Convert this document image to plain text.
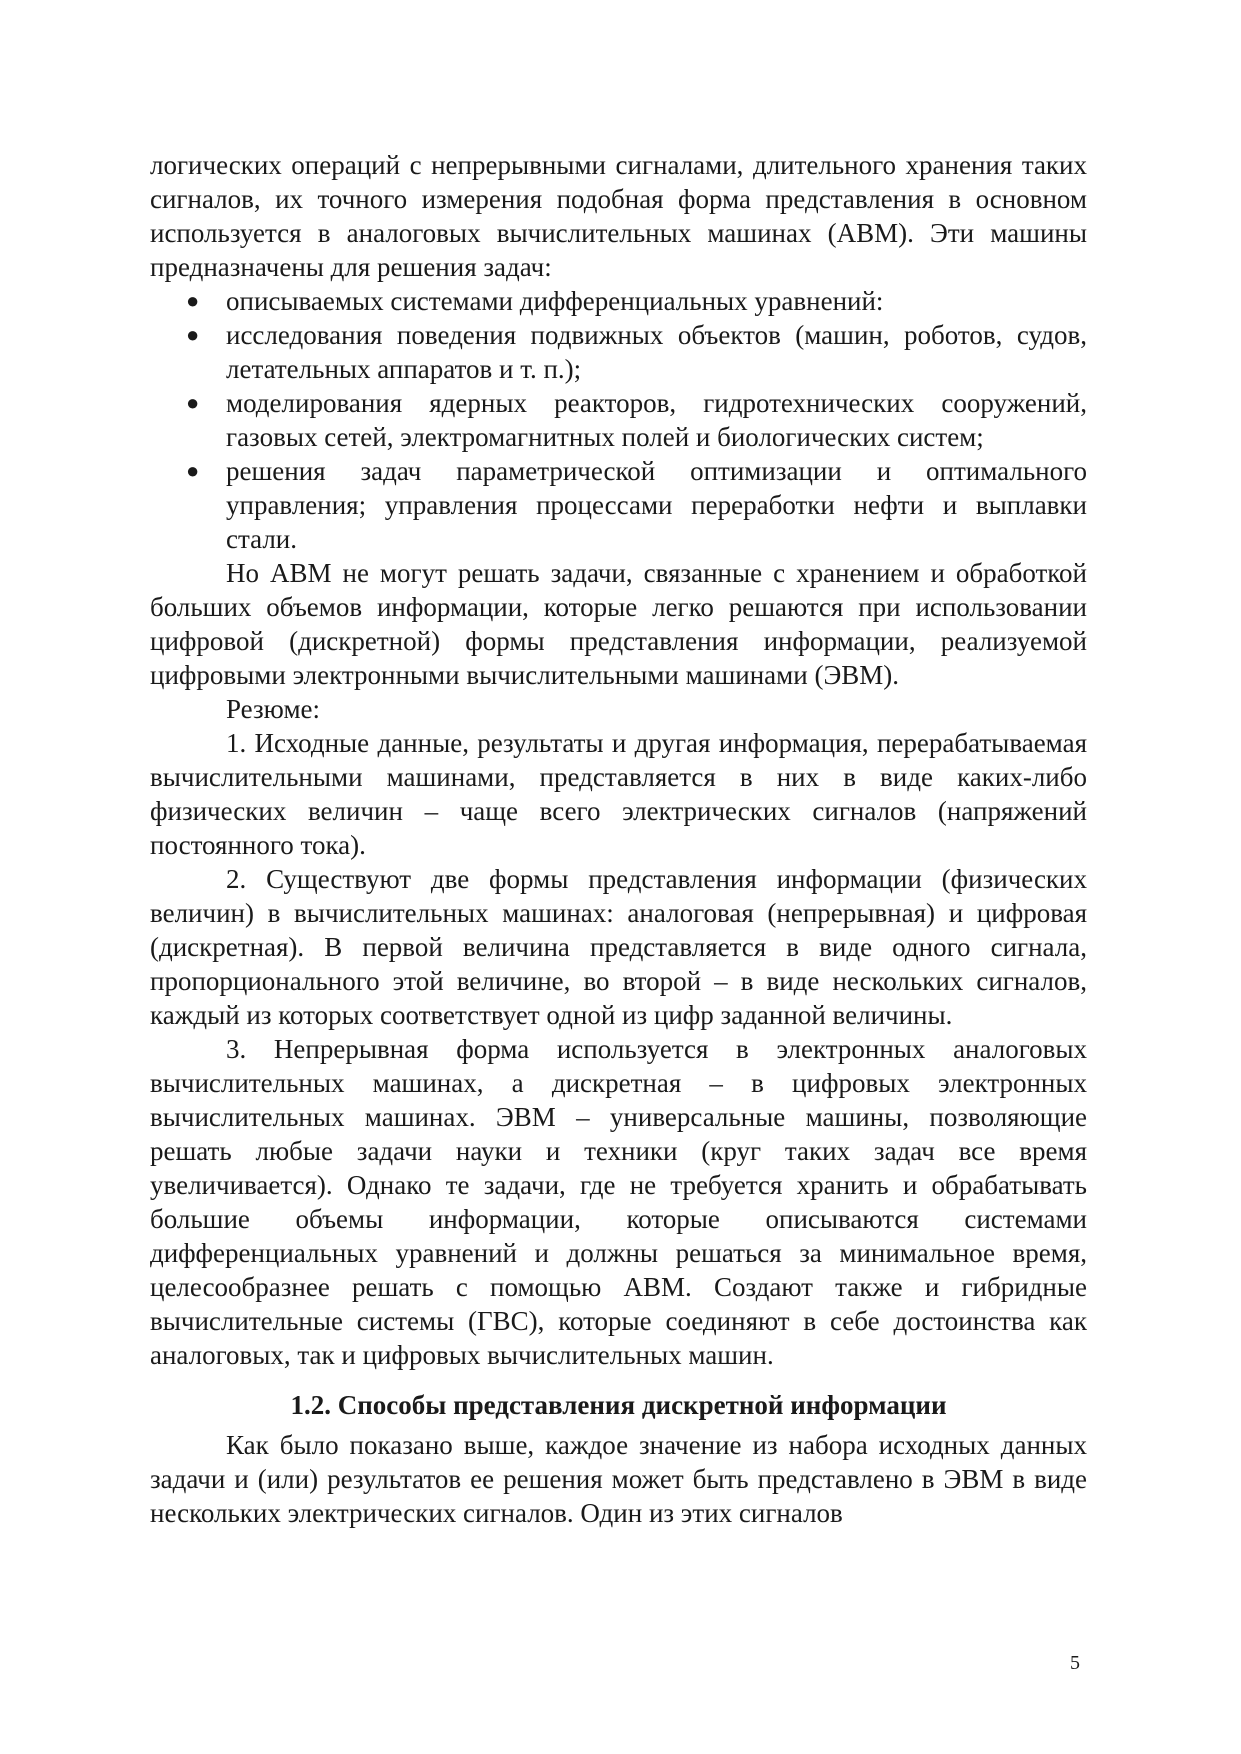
логических операций с непрерывными сигналами, длительного хранения таких сигналов, их точного измерения подобная форма представления в основном используется в аналоговых вычислительных машинах (АВМ). Эти машины предназначены для решения задач:

● описываемых системами дифференциальных уравнений:
● исследования поведения подвижных объектов (машин, роботов, судов, летательных аппаратов и т. п.);
● моделирования ядерных реакторов, гидротехнических сооружений, газовых сетей, электромагнитных полей и биологических систем;
● решения задач параметрической оптимизации и оптимального управления; управления процессами переработки нефти и выплавки стали.

Но АВМ не могут решать задачи, связанные с хранением и обработкой больших объемов информации, которые легко решаются при использовании цифровой (дискретной) формы представления информации, реализуемой цифровыми электронными вычислительными машинами (ЭВМ).

Резюме:

1. Исходные данные, результаты и другая информация, перерабатываемая вычислительными машинами, представляется в них в виде каких-либо физических величин – чаще всего электрических сигналов (напряжений постоянного тока).

2. Существуют две формы представления информации (физических величин) в вычислительных машинах: аналоговая (непрерывная) и цифровая (дискретная). В первой величина представляется в виде одного сигнала, пропорционального этой величине, во второй – в виде нескольких сигналов, каждый из которых соответствует одной из цифр заданной величины.

3. Непрерывная форма используется в электронных аналоговых вычислительных машинах, а дискретная – в цифровых электронных вычислительных машинах. ЭВМ – универсальные машины, позволяющие решать любые задачи науки и техники (круг таких задач все время увеличивается). Однако те задачи, где не требуется хранить и обрабатывать большие объемы информации, которые описываются системами дифференциальных уравнений и должны решаться за минимальное время, целесообразнее решать с помощью АВМ. Создают также и гибридные вычислительные системы (ГВС), которые соединяют в себе достоинства как аналоговых, так и цифровых вычислительных машин.

1.2. Способы представления дискретной информации

Как было показано выше, каждое значение из набора исходных данных задачи и (или) результатов ее решения может быть представлено в ЭВМ в виде нескольких электрических сигналов. Один из этих сигналов

5
